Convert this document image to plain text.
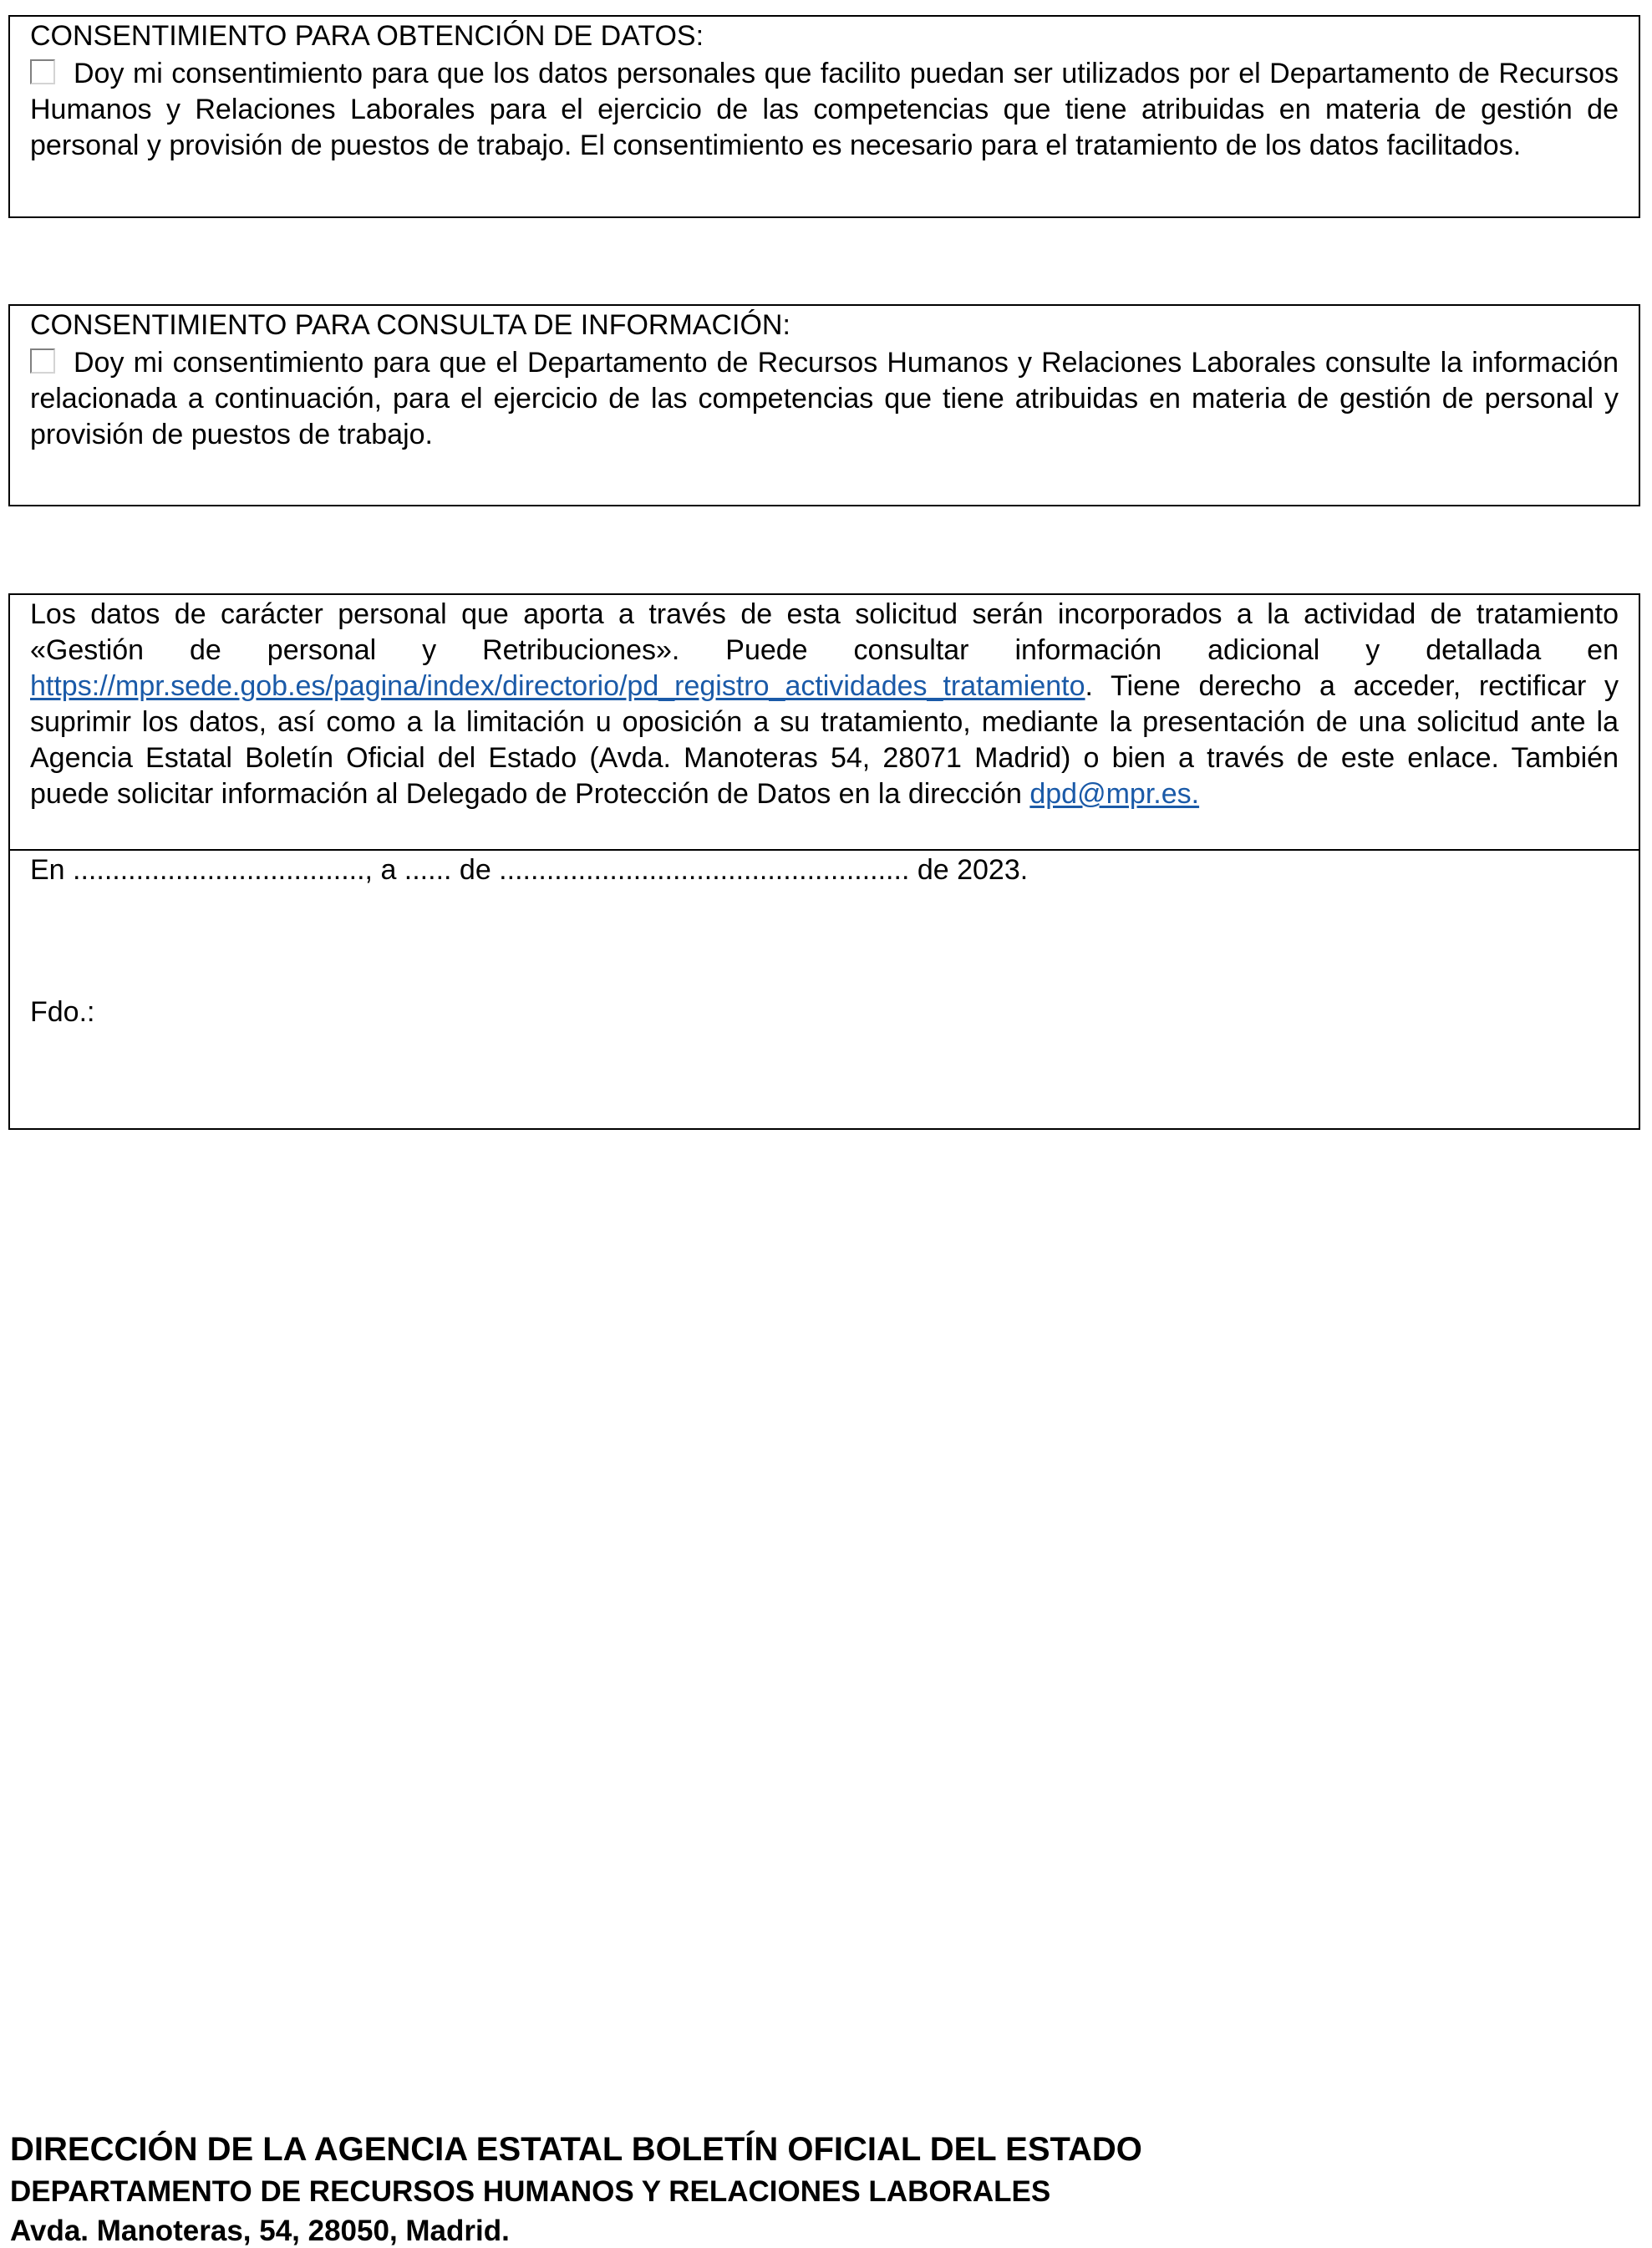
CONSENTIMIENTO PARA OBTENCIÓN DE DATOS:
Doy mi consentimiento para que los datos personales que facilito puedan ser utilizados por el Departamento de Recursos Humanos y Relaciones Laborales para el ejercicio de las competencias que tiene atribuidas en materia de gestión de personal y provisión de puestos de trabajo. El consentimiento es necesario para el tratamiento de los datos facilitados.
CONSENTIMIENTO PARA CONSULTA DE INFORMACIÓN:
Doy mi consentimiento para que el Departamento de Recursos Humanos y Relaciones Laborales consulte la información relacionada a continuación, para el ejercicio de las competencias que tiene atribuidas en materia de gestión de personal y provisión de puestos de trabajo.
Los datos de carácter personal que aporta a través de esta solicitud serán incorporados a la actividad de tratamiento «Gestión de personal y Retribuciones». Puede consultar información adicional y detallada en https://mpr.sede.gob.es/pagina/index/directorio/pd_registro_actividades_tratamiento. Tiene derecho a acceder, rectificar y suprimir los datos, así como a la limitación u oposición a su tratamiento, mediante la presentación de una solicitud ante la Agencia Estatal Boletín Oficial del Estado (Avda. Manoteras 54, 28071 Madrid) o bien a través de este enlace. También puede solicitar información al Delegado de Protección de Datos en la dirección dpd@mpr.es.
En ....................................., a ...... de .................................................... de 2023.
Fdo.:
DIRECCIÓN DE LA AGENCIA ESTATAL BOLETÍN OFICIAL DEL ESTADO
DEPARTAMENTO DE RECURSOS HUMANOS Y RELACIONES LABORALES
Avda. Manoteras, 54, 28050, Madrid.
